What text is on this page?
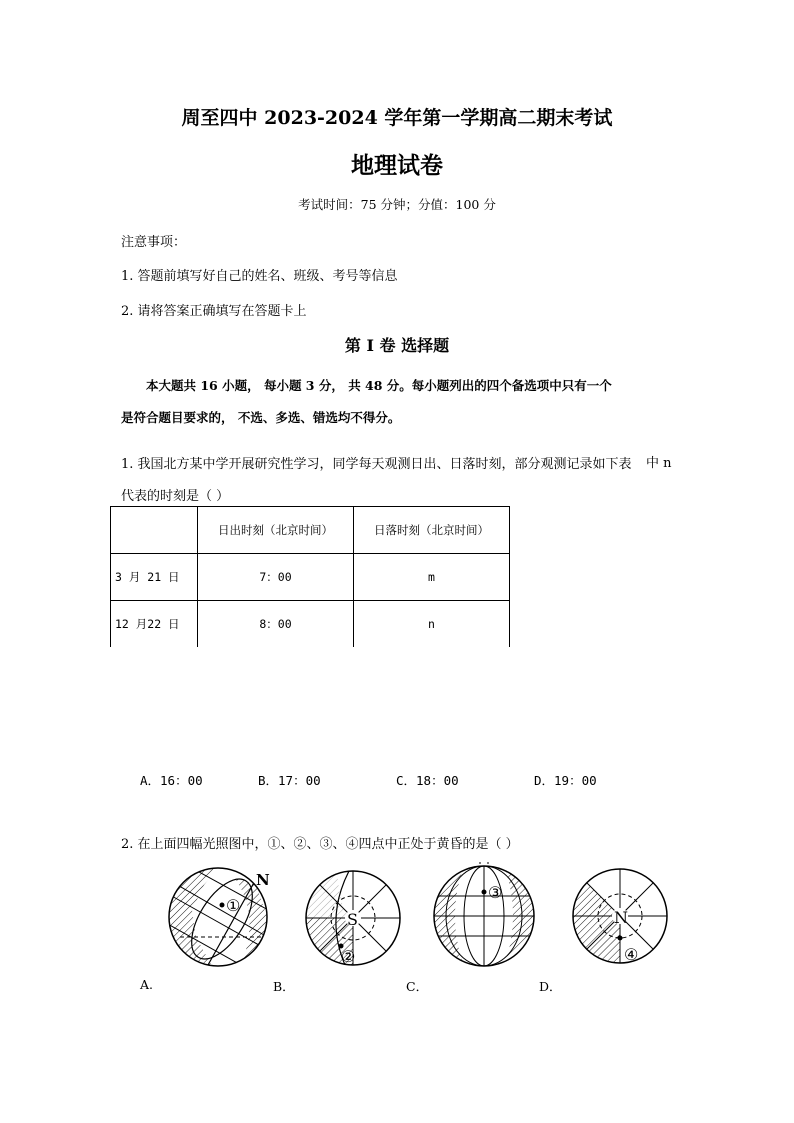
周至四中 2023-2024 学年第一学期高二期末考试
地理试卷
考试时间：75 分钟；分值：100 分
注意事项：
1. 答题前填写好自己的姓名、班级、考号等信息
2. 请将答案正确填写在答题卡上
第 I 卷 选择题
本大题共 16 小题， 每小题 3 分， 共 48 分。每小题列出的四个备选项中只有一个
是符合题目要求的， 不选、多选、错选均不得分。
1. 我国北方某中学开展研究性学习，同学每天观测日出、日落时刻，部分观测记录如下表 中 n
代表的时刻是（ ）
	日出时刻（北京时间）	日落时刻（北京时间）
3 月 21 日	7：00	m
12 月22 日	8：00	n
A．16：00	B．17：00	C．18：00	D．19：00
2. 在上面四幅光照图中，①、②、③、④四点中正处于黄昏的是（ ）
①
N
S
②
③
N
④
A.	B．	C．	D．
